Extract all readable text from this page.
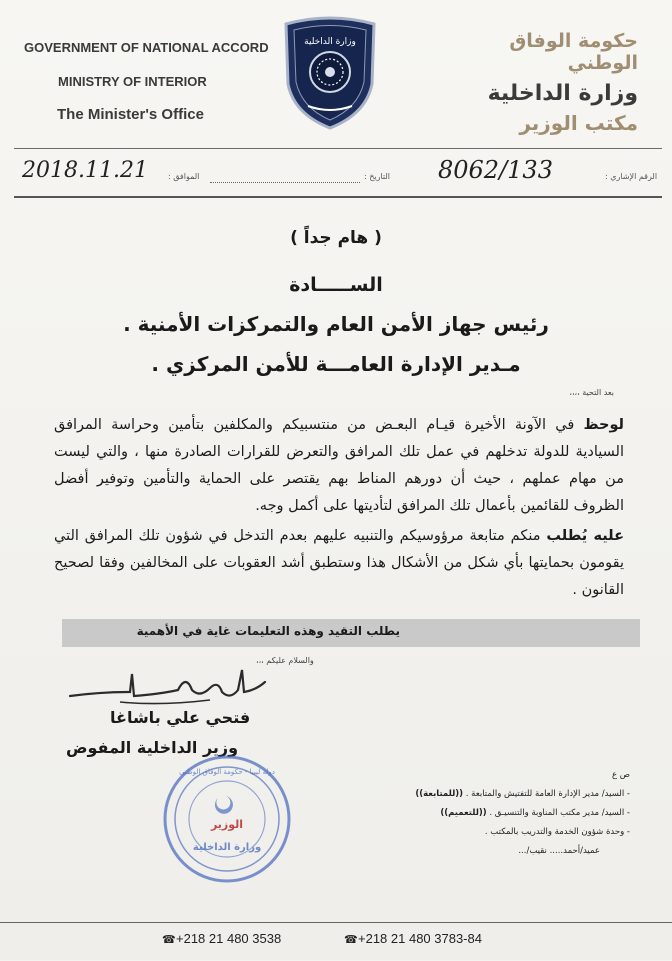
GOVERNMENT OF NATIONAL ACCORD
MINISTRY OF INTERIOR
The Minister's Office
وزارة الداخلية	حكومة الوفاق الوطني
وزارة الداخلية
مكتب الوزير
2018.11.21	الموافق :	التاريخ : 8062/133	الرقم الإشاري :
( هام جداً )
الســـــادة
رئيس جهاز الأمن العام والتمركزات الأمنية .
مـدير الإدارة العامـــة للأمن المركزي .
بعد التحية ،،،،
لوحظ في الآونة الأخيرة قيـام البعـض من منتسبيكم والمكلفين بتأمين وحراسة المرافق السيادية للدولة تدخلهم في عمل تلك المرافق والتعرض للقرارات الصادرة منها ، والتي ليست من مهام عملهم ، حيث أن دورهم المناط بهم يقتصر على الحماية والتأمين وتوفير أفضل الظروف للقائمين بأعمال تلك المرافق لتأديتها على أكمل وجه.
عليه يُطلب منكم متابعة مرؤوسيكم والتنبيه عليهم بعدم التدخل في شؤون تلك المرافق التي يقومون بحمايتها بأي شكل من الأشكال هذا وستطبق أشد العقوبات على المخالفين وفقا لصحيح القانون .
يطلب التقيد وهذه التعليمات غاية في الأهمية
والسلام عليكم ،،،
فتحي علي باشاغا
وزير الداخلية المفوض
الوزير
وزارة الداخلية
دولة ليبيا - حكومة الوفاق الوطني	ص ع
- السيد/ مدير الإدارة العامة للتفتيش والمتابعة . ((للمتابعة))
- السيد/ مدير مكتب المناوبة والتنسيـق . ((للتعميم))
- وحدة شؤون الخدمة والتدريب بالمكتب .
عميد/أحمد..... نقيب/...
☎+218 21 480 3538	☎+218 21 480 3783-84
